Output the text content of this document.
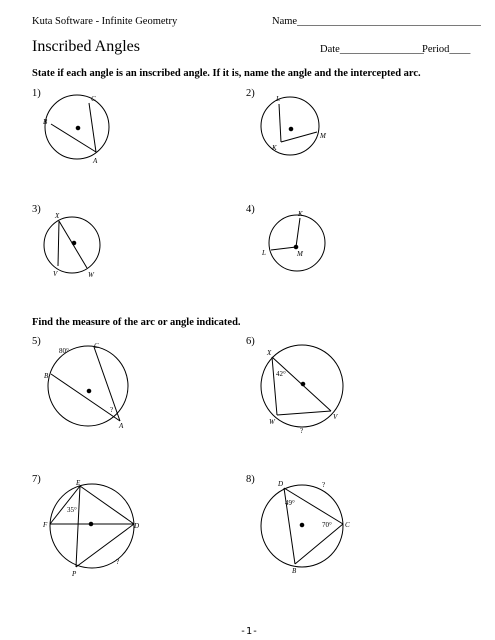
Kuta Software - Infinite Geometry	Name___________________________________
Inscribed Angles	Date________________
Period____
State if each angle is an inscribed angle. If it is, name the angle and the intercepted arc.
Find the measure of the arc or angle indicated.
1)	2)
3)	4)
5)	6)
7)	8)
C
B
A
L
M
K
X
V	W
K
L	M
C
B
A
80°
?
X
W
V
42°
?
E
F	D
P
35°
?
D
B
C
49°
70°
?
-1-
